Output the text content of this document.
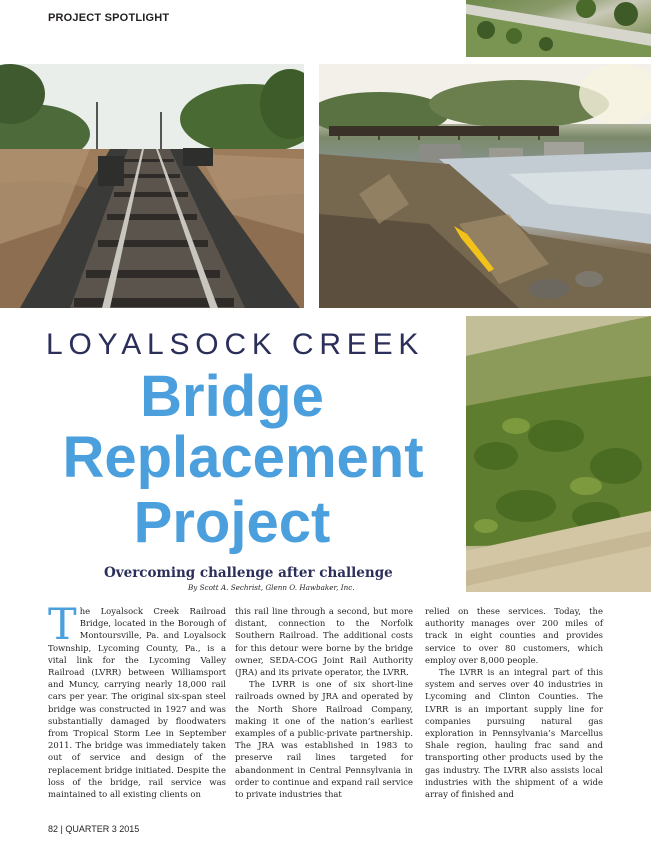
PROJECT SPOTLIGHT
LOYALSOCK CREEK
Bridge
Replacement
Project
Overcoming challenge after challenge
By Scott A. Sechrist, Glenn O. Hawbaker, Inc.

The Loyalsock Creek Railroad Bridge, located in the Borough of Montoursville, Pa. and Loyalsock Township, Lycoming County, Pa., is a vital link for the Lycoming Valley Railroad (LVRR) between Williamsport and Muncy, carrying nearly 18,000 rail cars per year. The original six-span steel bridge was constructed in 1927 and was substantially damaged by floodwaters from Tropical Storm Lee in September 2011. The bridge was immediately taken out of service and design of the replacement bridge initiated. Despite the loss of the bridge, rail service was maintained to all existing clients on

this rail line through a second, but more distant, connection to the Norfolk Southern Railroad. The additional costs for this detour were borne by the bridge owner, SEDA-COG Joint Rail Authority (JRA) and its private operator, the LVRR.

The LVRR is one of six short-line railroads owned by JRA and operated by the North Shore Railroad Company, making it one of the nation’s earliest examples of a public-private partnership. The JRA was established in 1983 to preserve rail lines targeted for abandonment in Central Pennsylvania in order to continue and expand rail service to private industries that

relied on these services. Today, the authority manages over 200 miles of track in eight counties and provides service to over 80 customers, which employ over 8,000 people.

The LVRR is an integral part of this system and serves over 40 industries in Lycoming and Clinton Counties. The LVRR is an important supply line for companies pursuing natural gas exploration in Pennsylvania’s Marcellus Shale region, hauling frac sand and transporting other products used by the gas industry. The LVRR also assists local industries with the shipment of a wide array of finished and

82 | QUARTER 3 2015
